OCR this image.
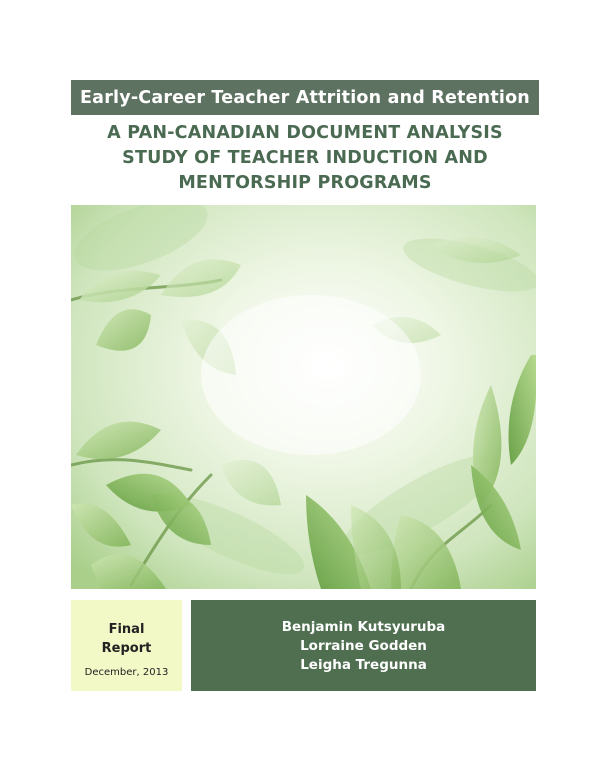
Early-Career Teacher Attrition and Retention
A PAN-CANADIAN DOCUMENT ANALYSIS
STUDY OF TEACHER INDUCTION AND
MENTORSHIP PROGRAMS
Final
Report
December, 2013
Benjamin Kutsyuruba
Lorraine Godden
Leigha Tregunna
